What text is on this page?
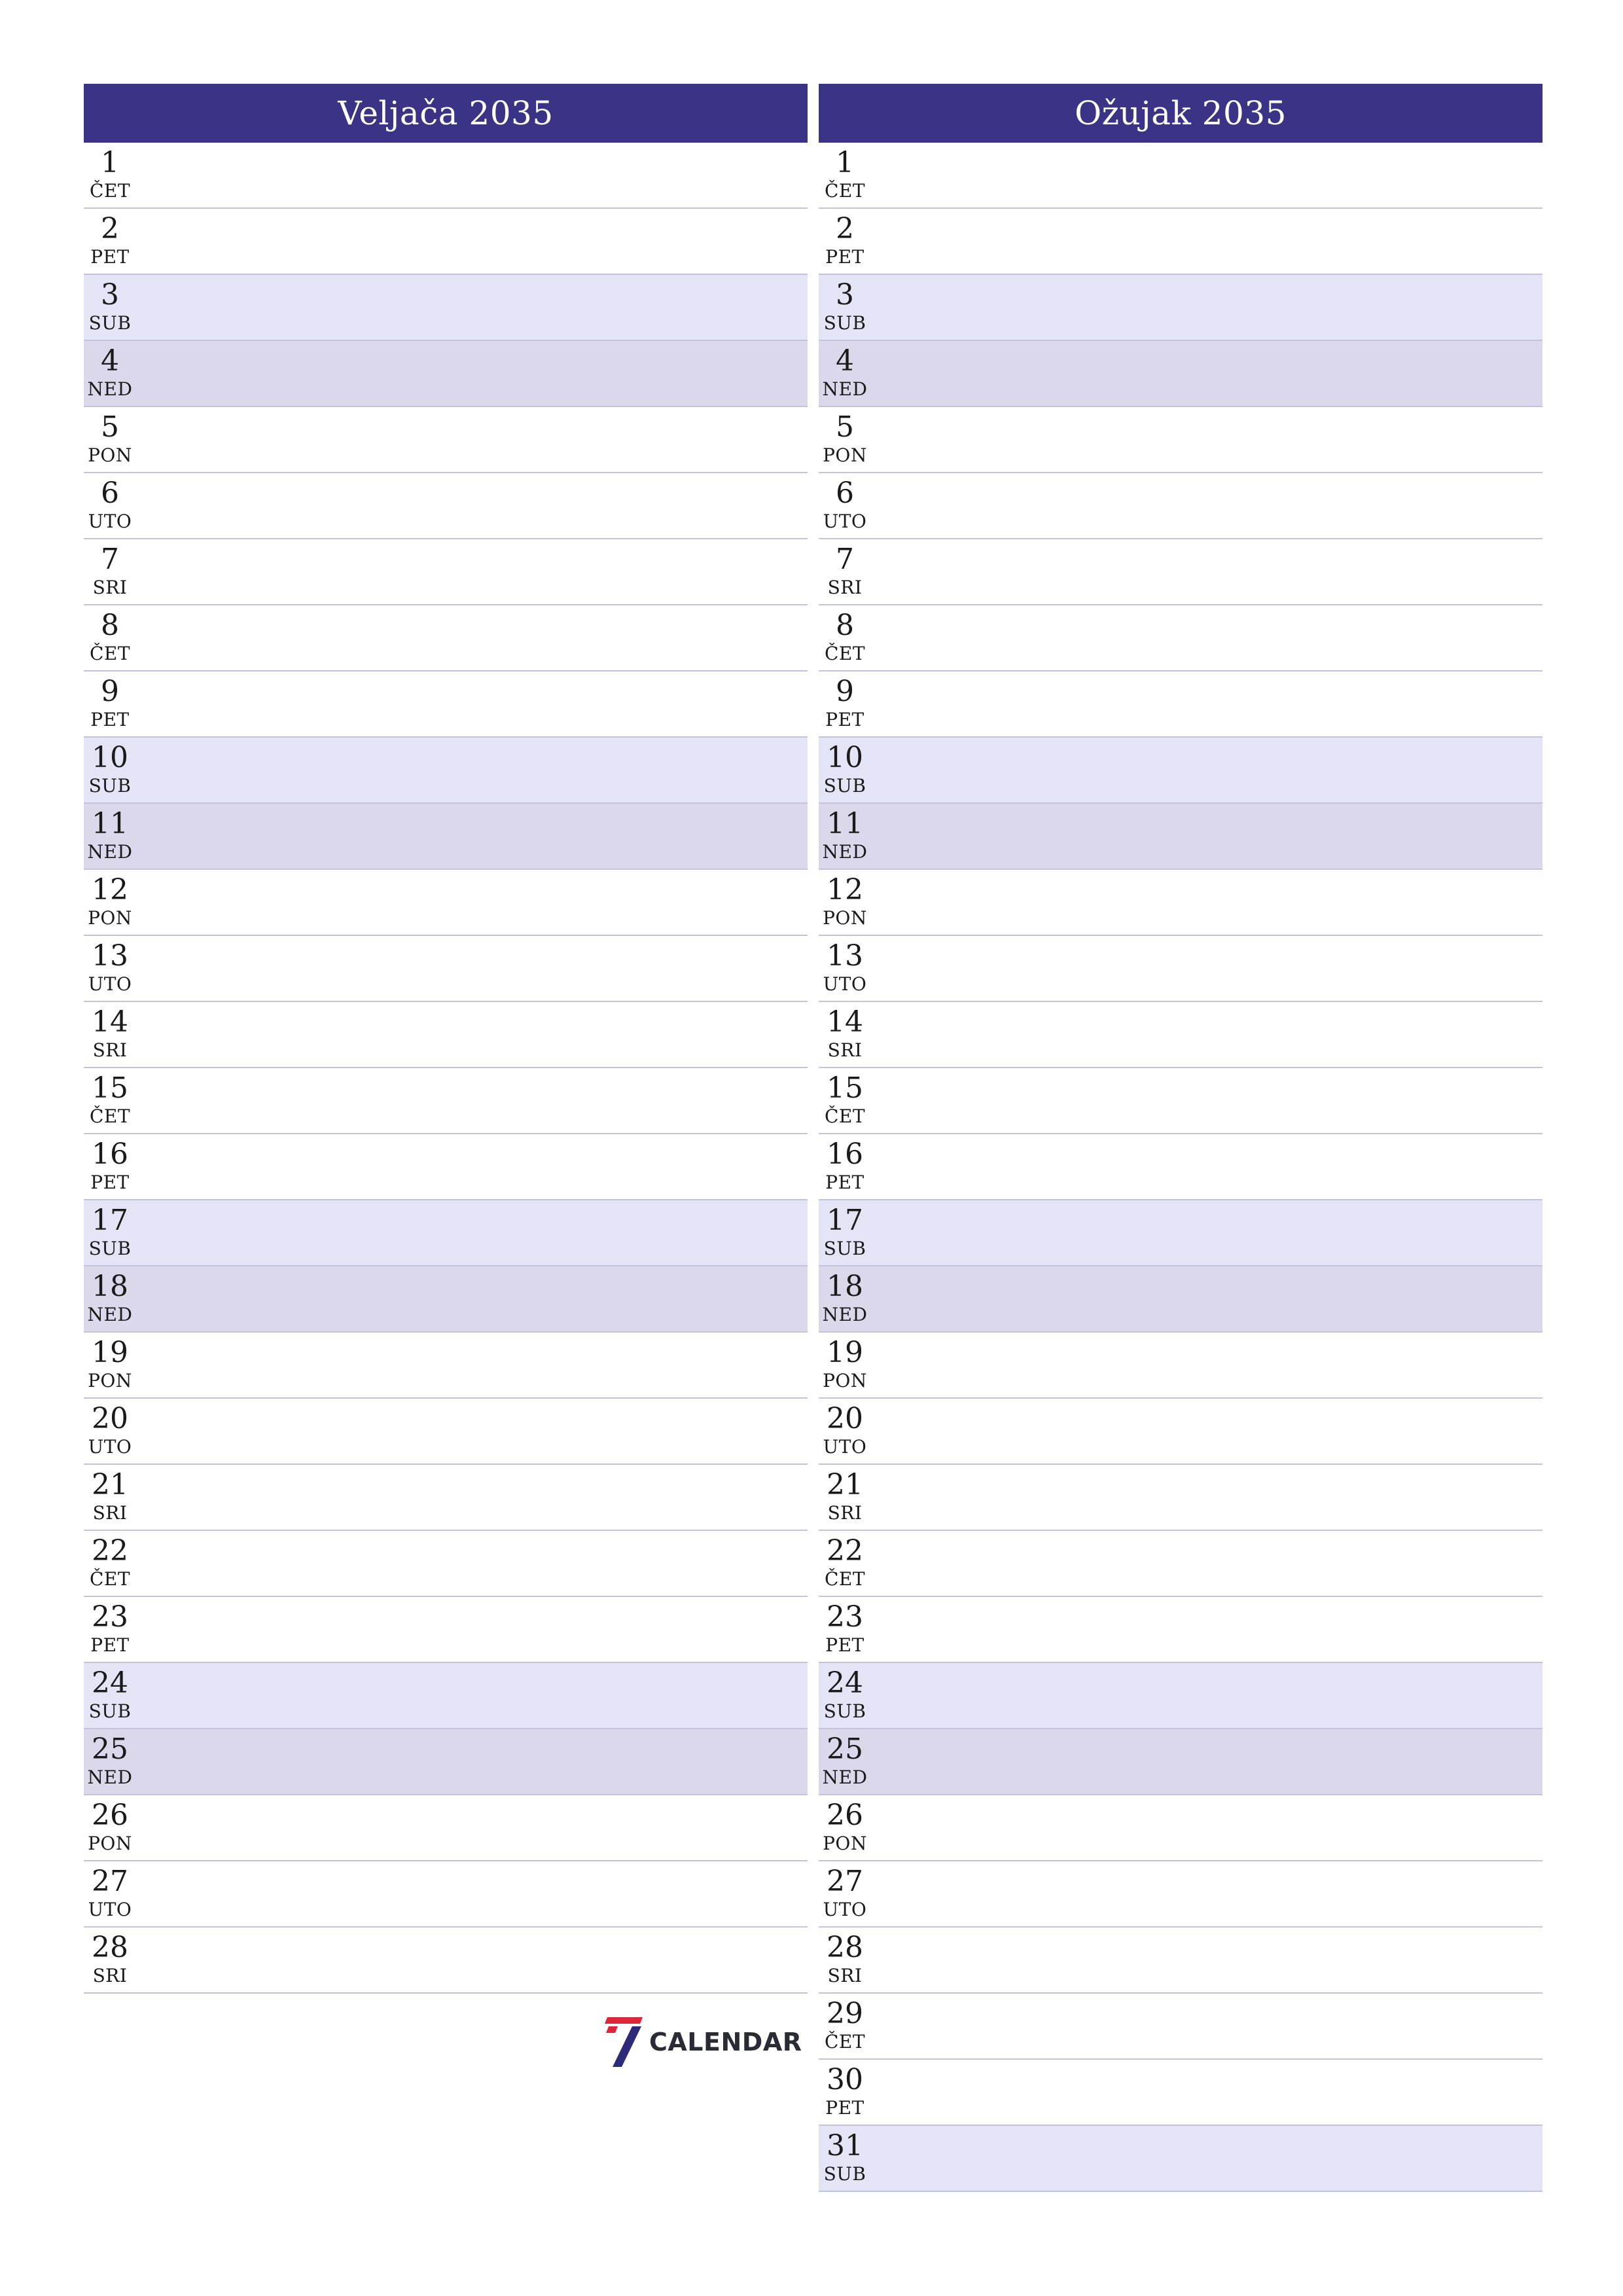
Veljača 2035
1
ČET
2
PET
3
SUB
4
NED
5
PON
6
UTO
7
SRI
8
ČET
9
PET
10
SUB
11
NED
12
PON
13
UTO
14
SRI
15
ČET
16
PET
17
SUB
18
NED
19
PON
20
UTO
21
SRI
22
ČET
23
PET
24
SUB
25
NED
26
PON
27
UTO
28
SRI
Ožujak 2035
1
ČET
2
PET
3
SUB
4
NED
5
PON
6
UTO
7
SRI
8
ČET
9
PET
10
SUB
11
NED
12
PON
13
UTO
14
SRI
15
ČET
16
PET
17
SUB
18
NED
19
PON
20
UTO
21
SRI
22
ČET
23
PET
24
SUB
25
NED
26
PON
27
UTO
28
SRI
29
ČET
30
PET
31
SUB
CALENDAR
